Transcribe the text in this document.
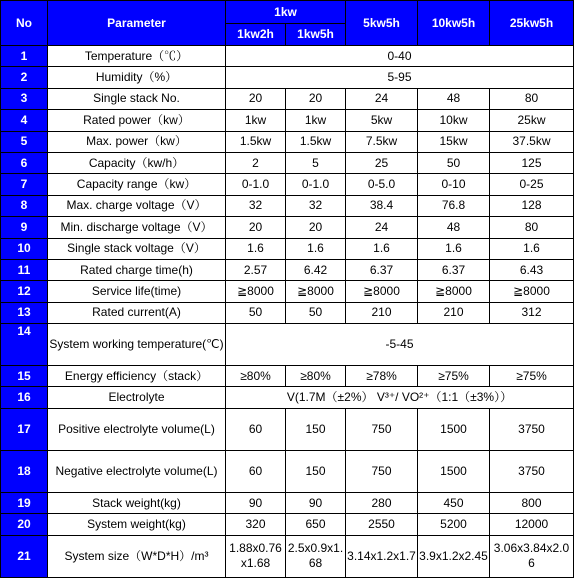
No	Parameter	1kw		5kw5h	10kw5h	25kw5h
		1kw2h	1kw5h			
1	Temperature（℃）	0-40				
2	Humidity（%）	5-95				
3	Single stack No.	20	20	24	48	80
4	Rated power（kw）	1kw	1kw	5kw	10kw	25kw
5	Max. power（kw）	1.5kw	1.5kw	7.5kw	15kw	37.5kw
6	Capacity（kw/h）	2	5	25	50	125
7	Capacity range（kw）	0-1.0	0-1.0	0-5.0	0-10	0-25
8	Max. charge voltage（V）	32	32	38.4	76.8	128
9	Min. discharge voltage（V）	20	20	24	48	80
10	Single stack voltage（V）	1.6	1.6	1.6	1.6	1.6
11	Rated charge time(h)	2.57	6.42	6.37	6.37	6.43
12	Service life(time)	≧8000	≧8000	≧8000	≧8000	≧8000
13	Rated current(A)	50	50	210	210	312
14	System working temperature(℃)	-5-45				
15	Energy efficiency（stack）	≥80%	≥80%	≥78%	≥75%	≥75%
16	Electrolyte	V(1.7M（±2%） V³⁺/ VO²⁺（1:1（±3%））				
17	Positive electrolyte volume(L)	60	150	750	1500	3750
18	Negative electrolyte volume(L)	60	150	750	1500	3750
19	Stack weight(kg)	90	90	280	450	800
20	System weight(kg)	320	650	2550	5200	12000
21	System size（W*D*H）/m³	1.88x0.76x1.68	2.5x0.9x1.68	3.14x1.2x1.7	3.9x1.2x2.45	3.06x3.84x2.06
